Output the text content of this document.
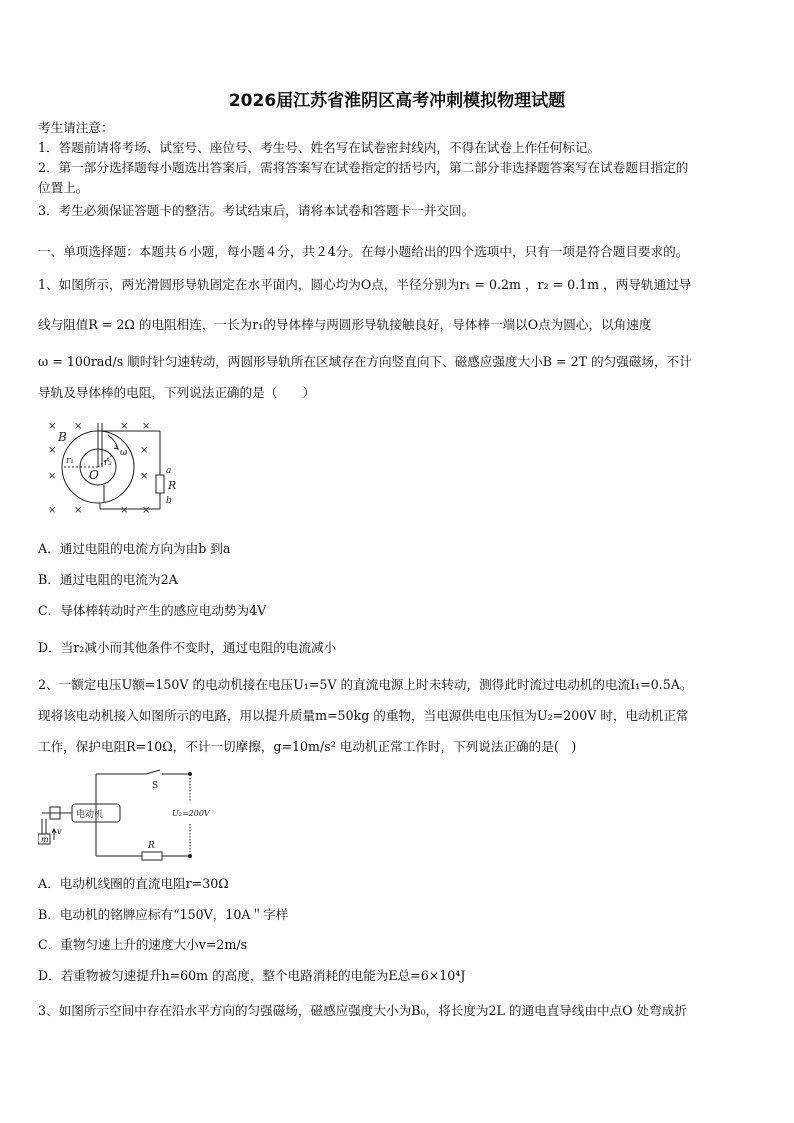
2026届江苏省淮阴区高考冲刺模拟物理试题
考生请注意：
1．答题前请将考场、试室号、座位号、考生号、姓名写在试卷密封线内，不得在试卷上作任何标记。
2．第一部分选择题每小题选出答案后，需将答案写在试卷指定的括号内，第二部分非选择题答案写在试卷题目指定的
位置上。
3．考生必须保证答题卡的整洁。考试结束后，请将本试卷和答题卡一并交回。
一、单项选择题：本题共６小题，每小题４分，共２4分。在每小题给出的四个选项中，只有一项是符合题目要求的。
1、如图所示，两光滑圆形导轨固定在水平面内，圆心均为O点，半径分别为r₁ = 0.2m ，r₂ = 0.1m ，两导轨通过导
线与阻值R = 2Ω 的电阻相连，一长为r₁的导体棒与两圆形导轨接触良好，导体棒一端以O点为圆心，以角速度
ω = 100rad/s 顺时针匀速转动，两圆形导轨所在区域存在方向竖直向下、磁感应强度大小B = 2T 的匀强磁场，不计
导轨及导体棒的电阻，下列说法正确的是（　　）
× ×	× ×
×	×
×	×
× ×	× ×
B
r₁	r₂
O
ω
a
R
b
A．通过电阻的电流方向为由b 到a
B．通过电阻的电流为2A
C．导体棒转动时产生的感应电动势为4V
D．当r₂减小而其他条件不变时，通过电阻的电流减小
2、一额定电压U额=150V 的电动机接在电压U₁=5V 的直流电源上时未转动，测得此时流过电动机的电流I₁=0.5A。
现将该电动机接入如图所示的电路，用以提升质量m=50kg 的重物，当电源供电电压恒为U₂=200V 时，电动机正常
工作，保护电阻R=10Ω，不计一切摩擦，g=10m/s² 电动机正常工作时，下列说法正确的是(　)
S
U₂=200V
电动机
R
m
v
A．电动机线圈的直流电阻r=30Ω
B．电动机的铭牌应标有“150V，10A＂字样
C．重物匀速上升的速度大小v=2m/s
D．若重物被匀速提升h=60m 的高度，整个电路消耗的电能为E总=6×10⁴J
3、如图所示空间中存在沿水平方向的匀强磁场，磁感应强度大小为B₀，将长度为2L 的通电直导线由中点O 处弯成折
